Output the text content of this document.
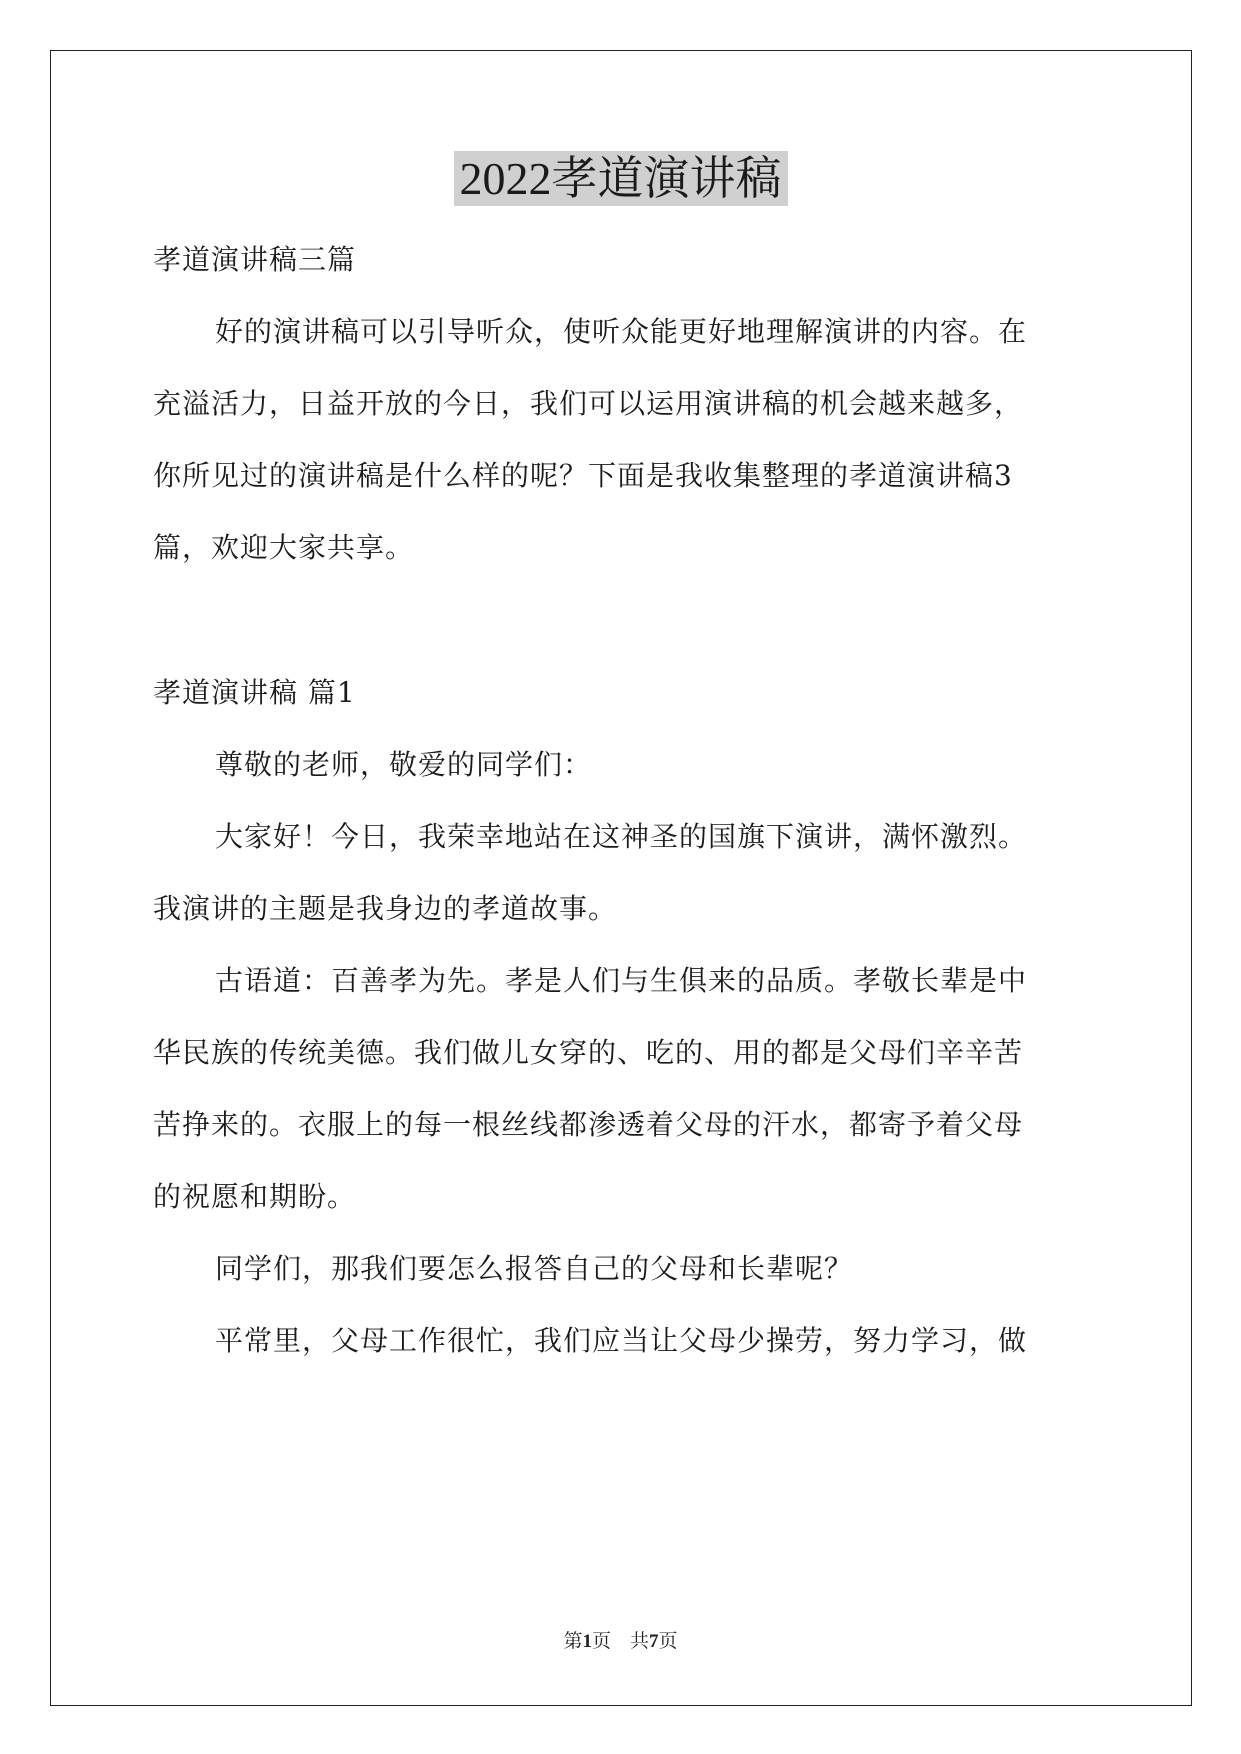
2022孝道演讲稿
孝道演讲稿三篇
好的演讲稿可以引导听众，使听众能更好地理解演讲的内容。在
充溢活力，日益开放的今日，我们可以运用演讲稿的机会越来越多，
你所见过的演讲稿是什么样的呢？下面是我收集整理的孝道演讲稿3
篇，欢迎大家共享。
孝道演讲稿 篇1
尊敬的老师，敬爱的同学们：
大家好！今日，我荣幸地站在这神圣的国旗下演讲，满怀激烈。
我演讲的主题是我身边的孝道故事。
古语道：百善孝为先。孝是人们与生俱来的品质。孝敬长辈是中
华民族的传统美德。我们做儿女穿的、吃的、用的都是父母们辛辛苦
苦挣来的。衣服上的每一根丝线都渗透着父母的汗水，都寄予着父母
的祝愿和期盼。
同学们，那我们要怎么报答自己的父母和长辈呢？
平常里，父母工作很忙，我们应当让父母少操劳，努力学习，做
第1页　共7页
